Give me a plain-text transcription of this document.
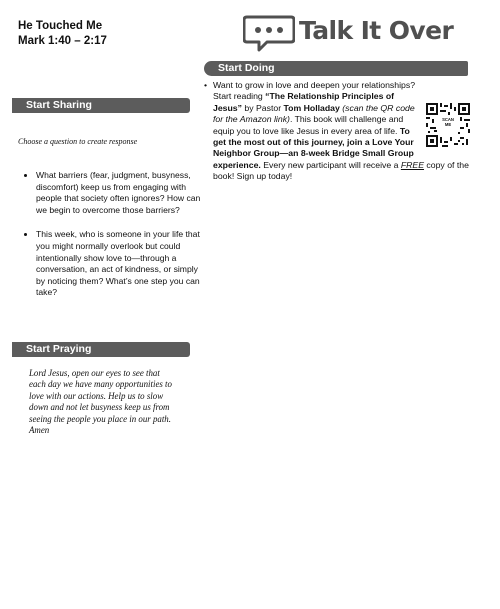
He Touched Me
Mark 1:40 – 2:17	Talk It Over
Start Sharing
Choose a question to create response
• What barriers (fear, judgment, busyness, discomfort) keep us from engaging with people that society often ignores? How can we begin to overcome those barriers?
• This week, who is someone in your life that you might normally overlook but could intentionally show love to—through a conversation, an act of kindness, or simply by noticing them? What’s one step you can take?
Start Praying
Lord Jesus, open our eyes to see that each day we have many opportunities to love with our actions. Help us to slow down and not let busyness keep us from seeing the people you place in our path. Amen
Start Doing
•
SCAN ME
Want to grow in love and deepen your relationships? Start reading “The Relationship Principles of Jesus” by Pastor Tom Holladay (scan the QR code for the Amazon link). This book will challenge and equip you to love like Jesus in every area of life. To get the most out of this journey, join a Love Your Neighbor Group—an 8-week Bridge Small Group experience. Every new participant will receive a FREE copy of the book! Sign up today!
